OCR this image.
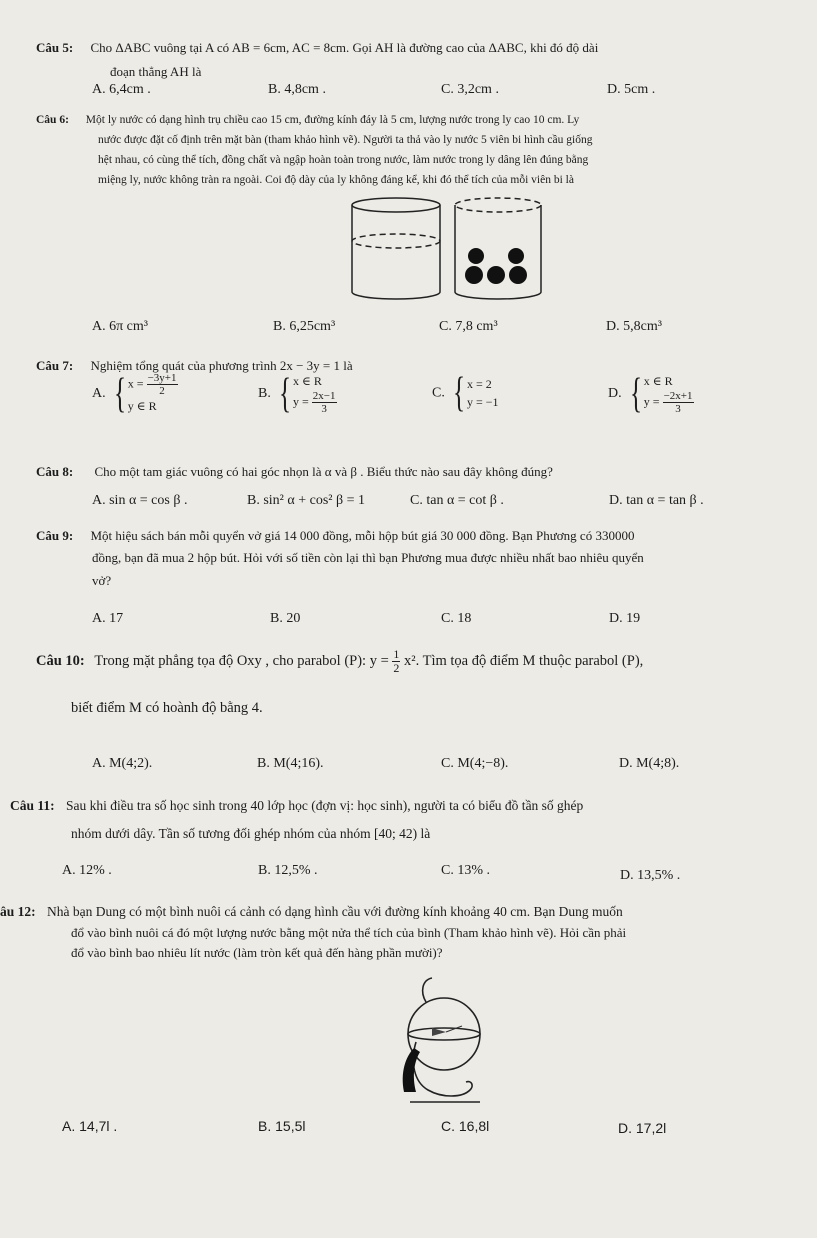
Câu 5: Cho ΔABC vuông tại A có AB = 6cm, AC = 8cm. Gọi AH là đường cao của ΔABC, khi đó độ dài
đoạn thẳng AH là
A. 6,4cm .	B. 4,8cm .	C. 3,2cm .	D. 5cm .
Câu 6: Một ly nước có dạng hình trụ chiều cao 15 cm, đường kính đáy là 5 cm, lượng nước trong ly cao 10 cm. Ly
nước được đặt cố định trên mặt bàn (tham khảo hình vẽ). Người ta thả vào ly nước 5 viên bi hình cầu giống
hệt nhau, có cùng thể tích, đồng chất và ngập hoàn toàn trong nước, làm nước trong ly dâng lên đúng bằng
miệng ly, nước không tràn ra ngoài. Coi độ dày của ly không đáng kể, khi đó thể tích của mỗi viên bi là
A. 6π cm³	B. 6,25cm³	C. 7,8 cm³	D. 5,8cm³
Câu 7: Nghiệm tổng quát của phương trình 2x − 3y = 1 là
A. { $x = \frac{-3y+1}{2}$
y ∈ R
B. { x ∈ R
$y = \frac{2x-1}{3}$	C. { x = 2
y = −1
D. { x ∈ R
$y = \frac{-2x+1}{3}$
Câu 8: Cho một tam giác vuông có hai góc nhọn là α và β . Biểu thức nào sau đây không đúng?
A. sin α = cos β .	B. sin² α + cos² β = 1	C. tan α = cot β .	D. tan α = tan β .
Câu 9: Một hiệu sách bán mỗi quyển vở giá 14 000 đồng, mỗi hộp bút giá 30 000 đồng. Bạn Phương có 330000
đồng, bạn đã mua 2 hộp bút. Hỏi với số tiền còn lại thì bạn Phương mua được nhiều nhất bao nhiêu quyển
vở?
A. 17	B. 20	C. 18	D. 19
Câu 10: Trong mặt phẳng tọa độ Oxy , cho parabol (P): $y = \frac{1}{2} x^2$. Tìm tọa độ điểm M thuộc parabol (P),
biết điểm M có hoành độ bằng 4.
A. M(4;2).	B. M(4;16).	C. M(4;−8).	D. M(4;8).
Câu 11: Sau khi điều tra số học sinh trong 40 lớp học (đợn vị: học sinh), người ta có biểu đồ tần số ghép
nhóm dưới dây. Tần số tương đối ghép nhóm của nhóm [40; 42) là
A. 12% .	B. 12,5% .	C. 13% .	D. 13,5% .
âu 12: Nhà bạn Dung có một bình nuôi cá cảnh có dạng hình cầu với đường kính khoảng 40 cm. Bạn Dung muốn
đổ vào bình nuôi cá đó một lượng nước bằng một nửa thể tích của bình (Tham khảo hình vẽ). Hỏi cần phải
đổ vào bình bao nhiêu lít nước (làm tròn kết quả đến hàng phần mười)?
A. 14,7l .	B. 15,5l	C. 16,8l	D. 17,2l
